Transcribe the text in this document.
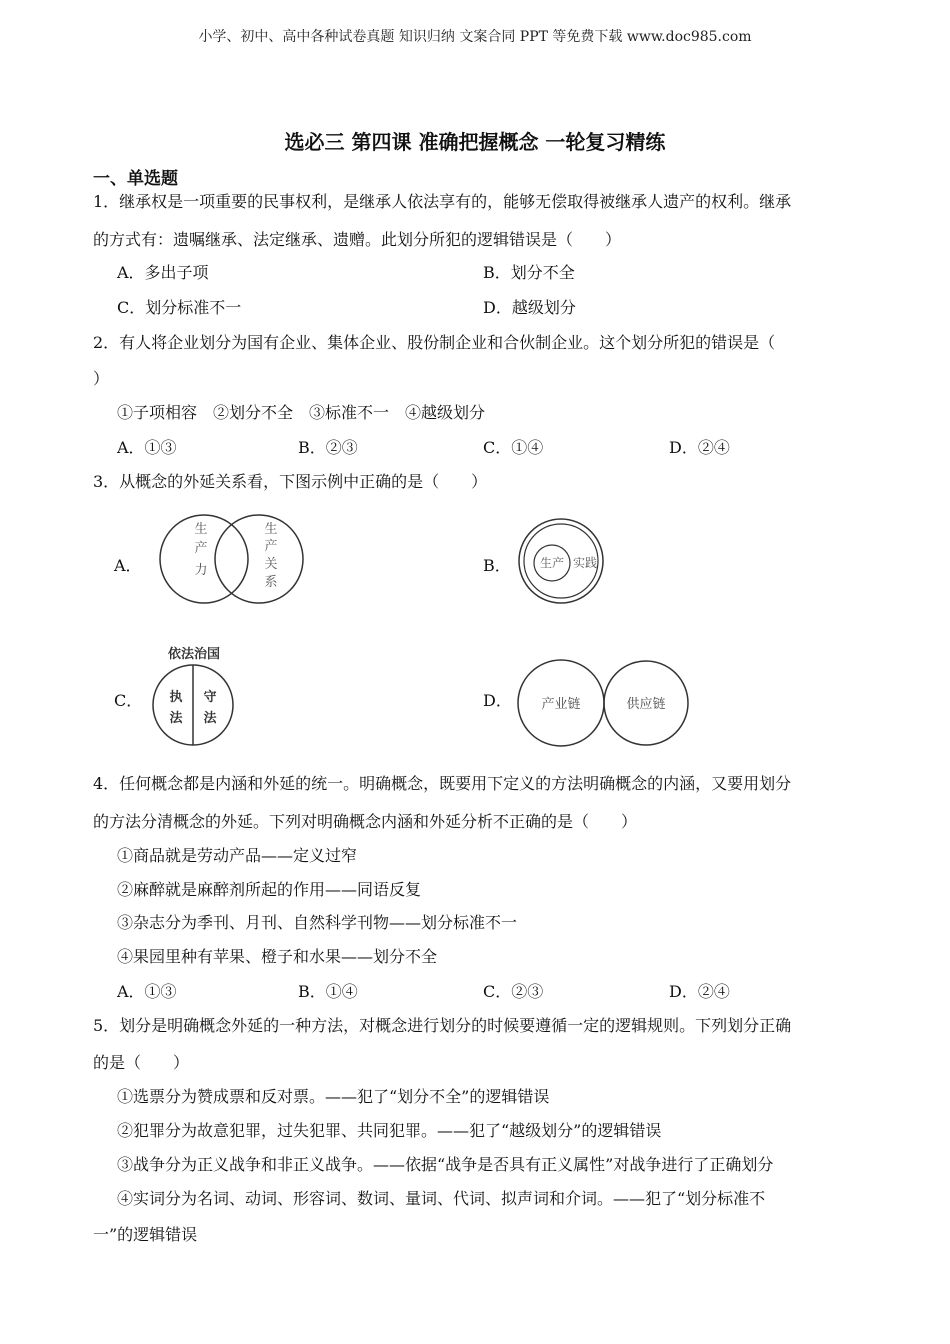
小学、初中、高中各种试卷真题 知识归纳 文案合同 PPT 等免费下载 www.doc985.com
选必三 第四课 准确把握概念 一轮复习精练
一、单选题
1．继承权是一项重要的民事权利，是继承人依法享有的，能够无偿取得被继承人遗产的权利。继承
的方式有：遗嘱继承、法定继承、遗赠。此划分所犯的逻辑错误是（　　）
A．多出子项	B．划分不全
C．划分标准不一	D．越级划分
2．有人将企业划分为国有企业、集体企业、股份制企业和合伙制企业。这个划分所犯的错误是（
）
①子项相容　②划分不全　③标准不一　④越级划分
A．①③	B．②③	C．①④	D．②④
3．从概念的外延关系看，下图示例中正确的是（　　）
A．
生
产
力
生
产
关
系
B． 生产 实践
C．
依法治国
执
法
守
法
D． 产业链	供应链
4．任何概念都是内涵和外延的统一。明确概念，既要用下定义的方法明确概念的内涵，又要用划分
的方法分清概念的外延。下列对明确概念内涵和外延分析不正确的是（　　）
①商品就是劳动产品——定义过窄
②麻醉就是麻醉剂所起的作用——同语反复
③杂志分为季刊、月刊、自然科学刊物——划分标准不一
④果园里种有苹果、橙子和水果——划分不全
A．①③	B．①④	C．②③	D．②④
5．划分是明确概念外延的一种方法，对概念进行划分的时候要遵循一定的逻辑规则。下列划分正确
的是（　　）
①选票分为赞成票和反对票。——犯了“划分不全”的逻辑错误
②犯罪分为故意犯罪，过失犯罪、共同犯罪。——犯了“越级划分”的逻辑错误
③战争分为正义战争和非正义战争。——依据“战争是否具有正义属性”对战争进行了正确划分
④实词分为名词、动词、形容词、数词、量词、代词、拟声词和介词。——犯了“划分标准不
一”的逻辑错误
